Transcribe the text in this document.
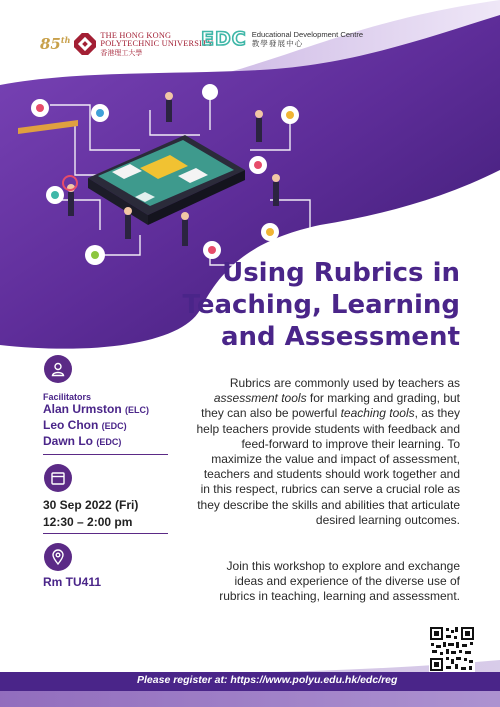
85th	THE HONG KONG
POLYTECHNIC UNIVERSITY
香港理工大學
EDC Educational Development Centre
教學發展中心
Using Rubrics in
Teaching, Learning
and Assessment
Facilitators
Alan Urmston (ELC)
Leo Chon (EDC)
Dawn Lo (EDC)
30 Sep 2022 (Fri)
12:30 – 2:00 pm
Rm TU411
Rubrics are commonly used by teachers as assessment tools for marking and grading, but they can also be powerful teaching tools, as they help teachers provide students with feedback and feed-forward to improve their learning. To maximize the value and impact of assessment, teachers and students should work together and in this respect, rubrics can serve a crucial role as they describe the skills and abilities that articulate desired learning outcomes.
Join this workshop to explore and exchange ideas and experience of the diverse use of rubrics in teaching, learning and assessment.
Please register at: https://www.polyu.edu.hk/edc/reg
